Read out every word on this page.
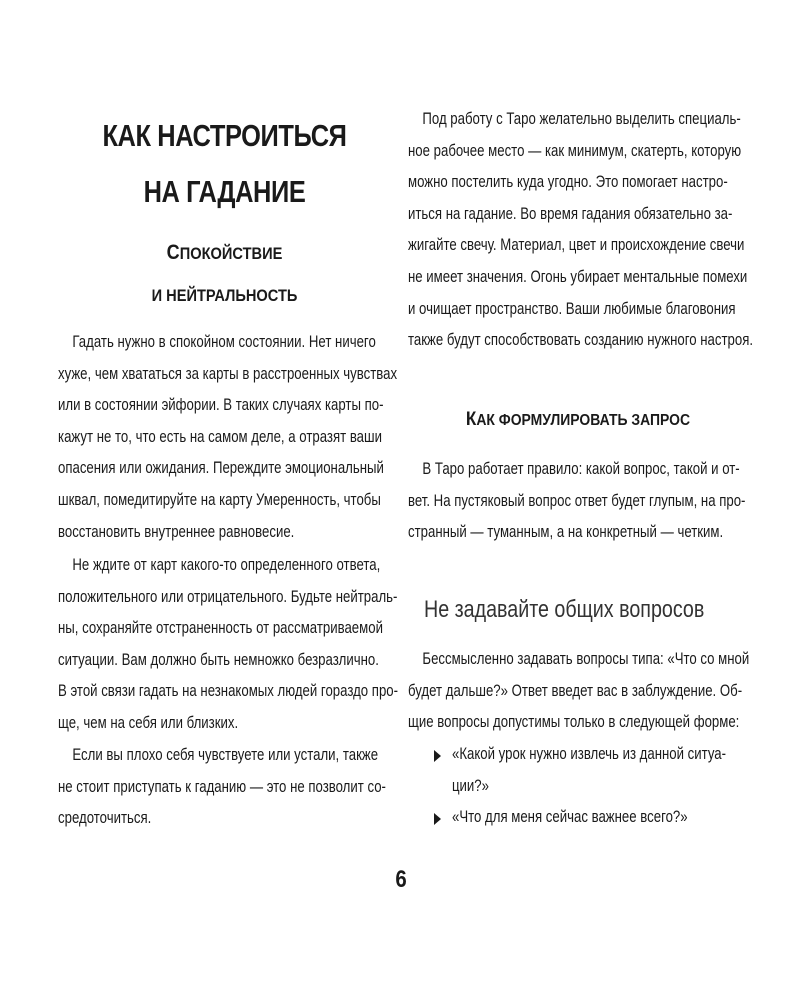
КАК НАСТРОИТЬСЯ
НА ГАДАНИЕ
СПОКОЙСТВИЕ
И НЕЙТРАЛЬНОСТЬ
Гадать нужно в спокойном состоянии. Нет ничего
хуже, чем хвататься за карты в расстроенных чувствах
или в состоянии эйфории. В таких случаях карты по-
кажут не то, что есть на самом деле, а отразят ваши
опасения или ожидания. Переждите эмоциональный
шквал, помедитируйте на карту Умеренность, чтобы
восстановить внутреннее равновесие.
Не ждите от карт какого-то определенного ответа,
положительного или отрицательного. Будьте нейтраль-
ны, сохраняйте отстраненность от рассматриваемой
ситуации. Вам должно быть немножко безразлично.
В этой связи гадать на незнакомых людей гораздо про-
ще, чем на себя или близких.
Если вы плохо себя чувствуете или устали, также
не стоит приступать к гаданию — это не позволит со-
средоточиться.
Под работу с Таро желательно выделить специаль-
ное рабочее место — как минимум, скатерть, которую
можно постелить куда угодно. Это помогает настро-
иться на гадание. Во время гадания обязательно за-
жигайте свечу. Материал, цвет и происхождение свечи
не имеет значения. Огонь убирает ментальные помехи
и очищает пространство. Ваши любимые благовония
также будут способствовать созданию нужного настроя.
КАК ФОРМУЛИРОВАТЬ ЗАПРОС
В Таро работает правило: какой вопрос, такой и от-
вет. На пустяковый вопрос ответ будет глупым, на про-
странный — туманным, а на конкретный — четким.
Не задавайте общих вопросов
Бессмысленно задавать вопросы типа: «Что со мной
будет дальше?» Ответ введет вас в заблуждение. Об-
щие вопросы допустимы только в следующей форме:
«Какой урок нужно извлечь из данной ситуа-
ции?»
«Что для меня сейчас важнее всего?»
6
